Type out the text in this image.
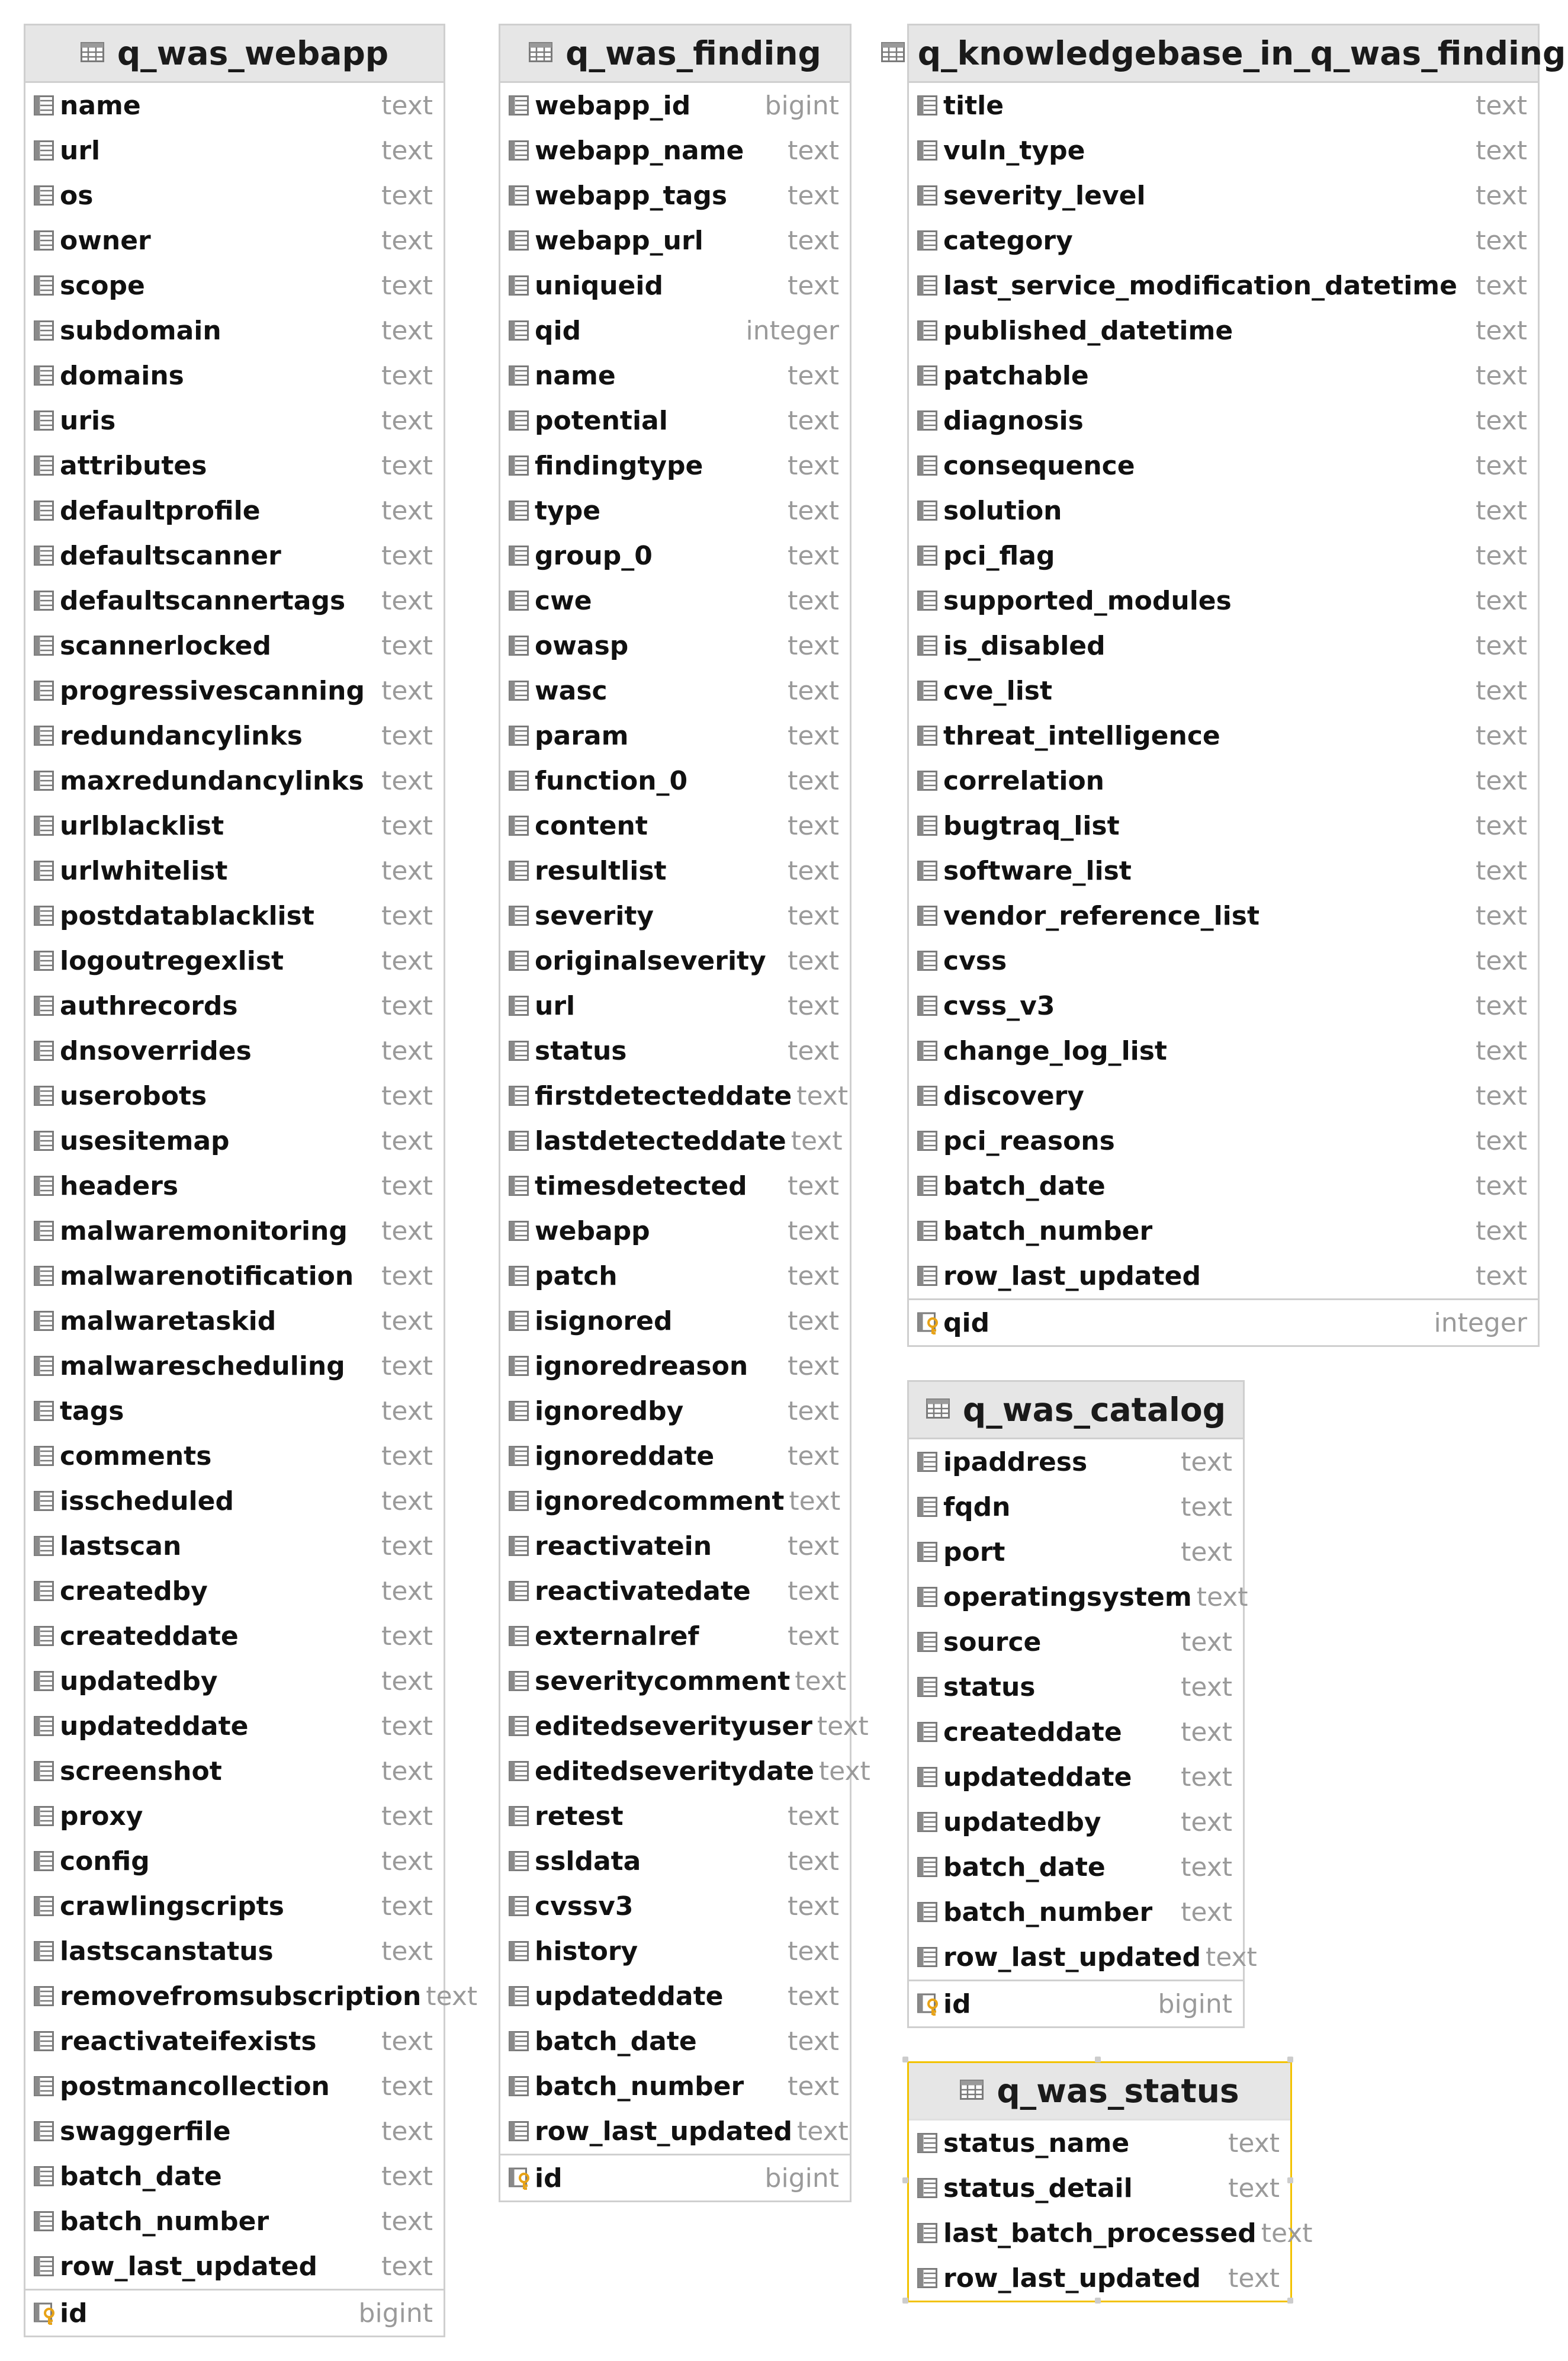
q_was_webapp
name	text
url	text
os	text
owner	text
scope	text
subdomain	text
domains	text
uris	text
attributes	text
defaultprofile	text
defaultscanner	text
defaultscannertags	text
scannerlocked	text
progressivescanning text
redundancylinks	text
maxredundancylinks text
urlblacklist	text
urlwhitelist	text
postdatablacklist	text
logoutregexlist	text
authrecords	text
dnsoverrides	text
userobots	text
usesitemap	text
headers	text
malwaremonitoring	text
malwarenotification	text
malwaretaskid	text
malwarescheduling	text
tags	text
comments	text
isscheduled	text
lastscan	text
createdby	text
createddate	text
updatedby	text
updateddate	text
screenshot	text
proxy	text
config	text
crawlingscripts	text
lastscanstatus	text
removefromsubscription text
reactivateifexists	text
postmancollection	text
swaggerfile	text
batch_date	text
batch_number	text
row_last_updated	text
id	bigint
q_was_finding
webapp_id	bigint
webapp_name	text
webapp_tags	text
webapp_url	text
uniqueid	text
qid	integer
name	text
potential	text
findingtype	text
type	text
group_0	text
cwe	text
owasp	text
wasc	text
param	text
function_0	text
content	text
resultlist	text
severity	text
originalseverity text
url	text
status	text
firstdetecteddate text
lastdetecteddate text
timesdetected	text
webapp	text
patch	text
isignored	text
ignoredreason	text
ignoredby	text
ignoreddate	text
ignoredcomment text
reactivatein	text
reactivatedate	text
externalref	text
severitycomment text
editedseverityuser text
editedseveritydate text
retest	text
ssldata	text
cvssv3	text
history	text
updateddate	text
batch_date	text
batch_number	text
row_last_updated text
id	bigint
q_knowledgebase_in_q_was_finding
title	text
vuln_type	text
severity_level	text
category	text
last_service_modification_datetime text
published_datetime	text
patchable	text
diagnosis	text
consequence	text
solution	text
pci_flag	text
supported_modules	text
is_disabled	text
cve_list	text
threat_intelligence	text
correlation	text
bugtraq_list	text
software_list	text
vendor_reference_list	text
cvss	text
cvss_v3	text
change_log_list	text
discovery	text
pci_reasons	text
batch_date	text
batch_number	text
row_last_updated	text
qid	integer
q_was_catalog
ipaddress	text
fqdn	text
port	text
operatingsystem text
source	text
status	text
createddate	text
updateddate	text
updatedby	text
batch_date	text
batch_number	text
row_last_updated text
id	bigint
q_was_status
status_name	text
status_detail	text
last_batch_processed text
row_last_updated	text
